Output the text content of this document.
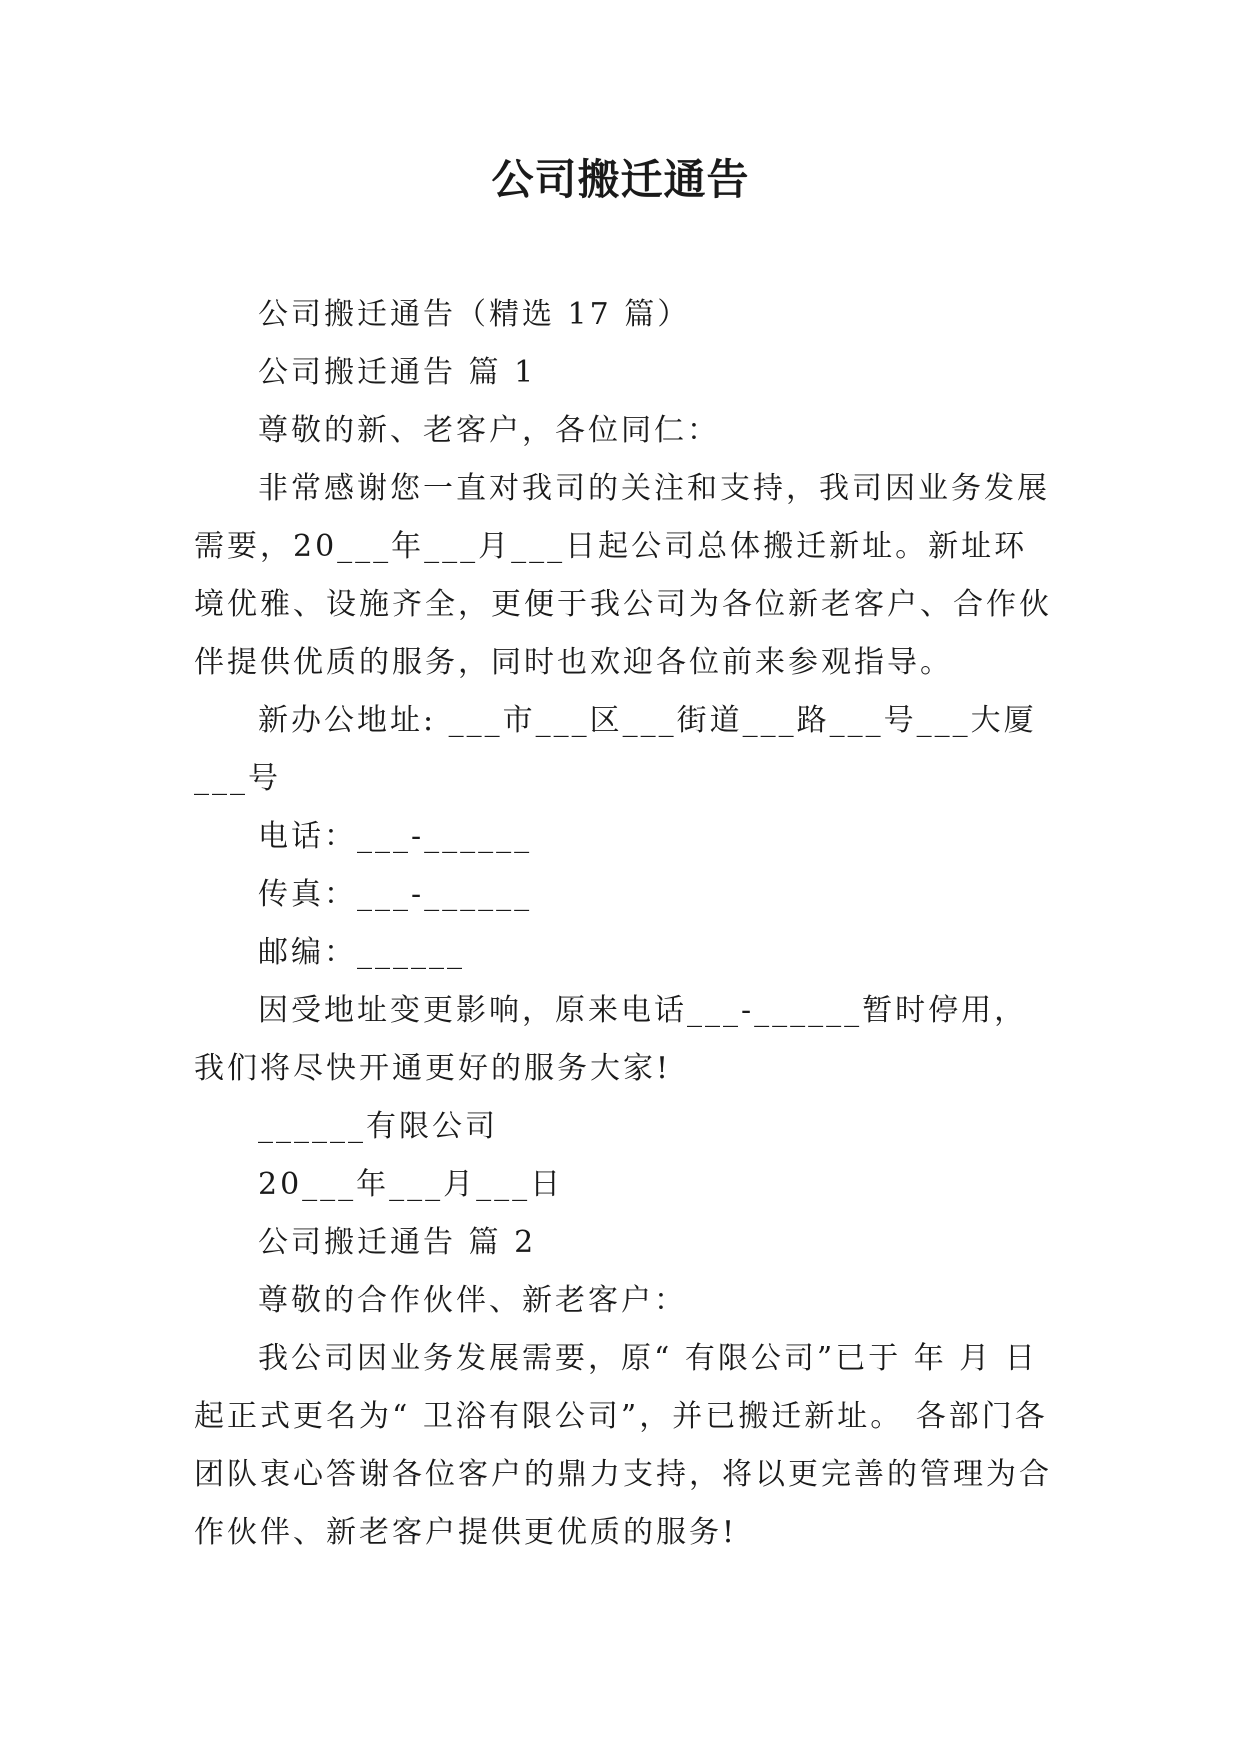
公司搬迁通告

公司搬迁通告（精选 17 篇）

公司搬迁通告 篇 1

尊敬的新、老客户，各位同仁：

非常感谢您一直对我司的关注和支持，我司因业务发展需要，20___年___月___日起公司总体搬迁新址。新址环境优雅、设施齐全，更便于我公司为各位新老客户、合作伙伴提供优质的服务，同时也欢迎各位前来参观指导。

新办公地址: ___市___区___街道___路___号___大厦___号

电话：___-______

传真：___-______

邮编：______

因受地址变更影响，原来电话___-______暂时停用，我们将尽快开通更好的服务大家!

______有限公司

20___年___月___日

公司搬迁通告 篇 2

尊敬的合作伙伴、新老客户：

我公司因业务发展需要，原“ 有限公司”已于 年 月 日起正式更名为“ 卫浴有限公司”，并已搬迁新址。 各部门各团队衷心答谢各位客户的鼎力支持，将以更完善的管理为合作伙伴、新老客户提供更优质的服务!
